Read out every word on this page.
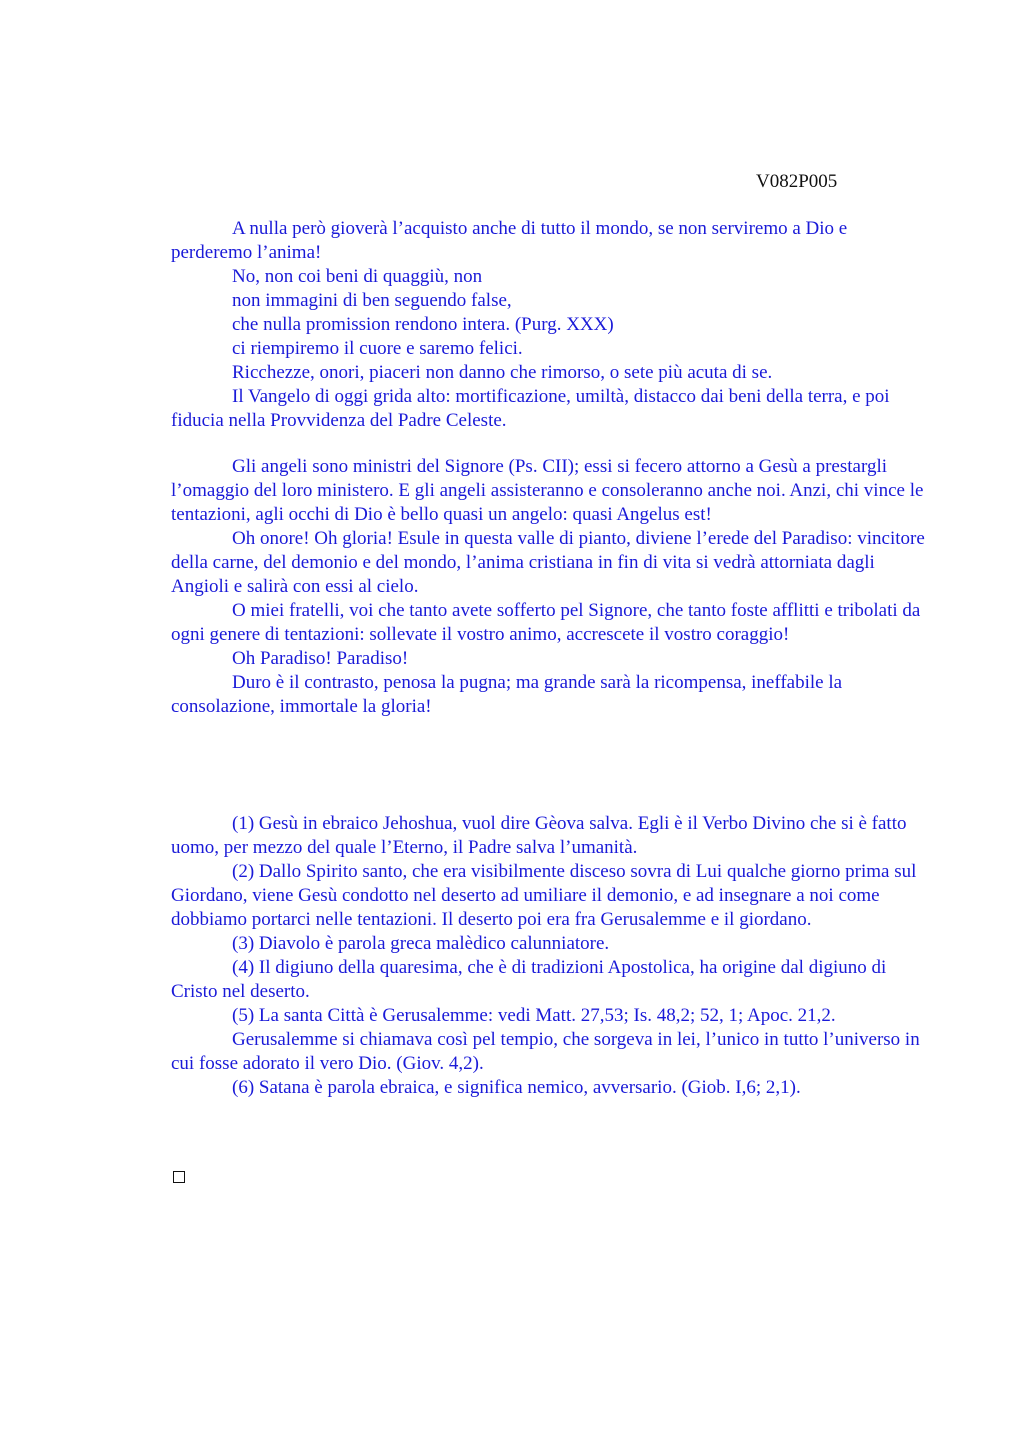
V082P005

A nulla però gioverà l’acquisto anche di tutto il mondo, se non serviremo a Dio e perderemo l’anima!

No, non coi beni di quaggiù, non

non immagini di ben seguendo false,

che nulla promission rendono intera. (Purg. XXX)

ci riempiremo il cuore e saremo felici.

Ricchezze, onori, piaceri non danno che rimorso, o sete più acuta di se.

Il Vangelo di oggi grida alto: mortificazione, umiltà, distacco dai beni della terra, e poi fiducia nella Provvidenza del Padre Celeste.

Gli angeli sono ministri del Signore (Ps. CII); essi si fecero attorno a Gesù a prestargli l’omaggio del loro ministero. E gli angeli assisteranno e consoleranno anche noi. Anzi, chi vince le tentazioni, agli occhi di Dio è bello quasi un angelo: quasi Angelus est!

Oh onore! Oh gloria! Esule in questa valle di pianto, diviene l’erede del Paradiso: vincitore della carne, del demonio e del mondo, l’anima cristiana in fin di vita si vedrà attorniata dagli Angioli e salirà con essi al cielo.

O miei fratelli, voi che tanto avete sofferto pel Signore, che tanto foste afflitti e tribolati da ogni genere di tentazioni: sollevate il vostro animo, accrescete il vostro coraggio!

Oh Paradiso! Paradiso!

Duro è il contrasto, penosa la pugna; ma grande sarà la ricompensa, ineffabile la consolazione, immortale la gloria!

(1) Gesù in ebraico Jehoshua, vuol dire Gèova salva. Egli è il Verbo Divino che si è fatto uomo, per mezzo del quale l’Eterno, il Padre salva l’umanità.

(2) Dallo Spirito santo, che era visibilmente disceso sovra di Lui qualche giorno prima sul Giordano, viene Gesù condotto nel deserto ad umiliare il demonio, e ad insegnare a noi come dobbiamo portarci nelle tentazioni. Il deserto poi era fra Gerusalemme e il giordano.

(3) Diavolo è parola greca malèdico calunniatore.

(4) Il digiuno della quaresima, che è di tradizioni Apostolica, ha origine dal digiuno di Cristo nel deserto.

(5) La santa Città è Gerusalemme: vedi Matt. 27,53; Is. 48,2; 52, 1; Apoc. 21,2.

Gerusalemme si chiamava così pel tempio, che sorgeva in lei, l’unico in tutto l’universo in cui fosse adorato il vero Dio. (Giov. 4,2).

(6) Satana è parola ebraica, e significa nemico, avversario. (Giob. I,6; 2,1).
